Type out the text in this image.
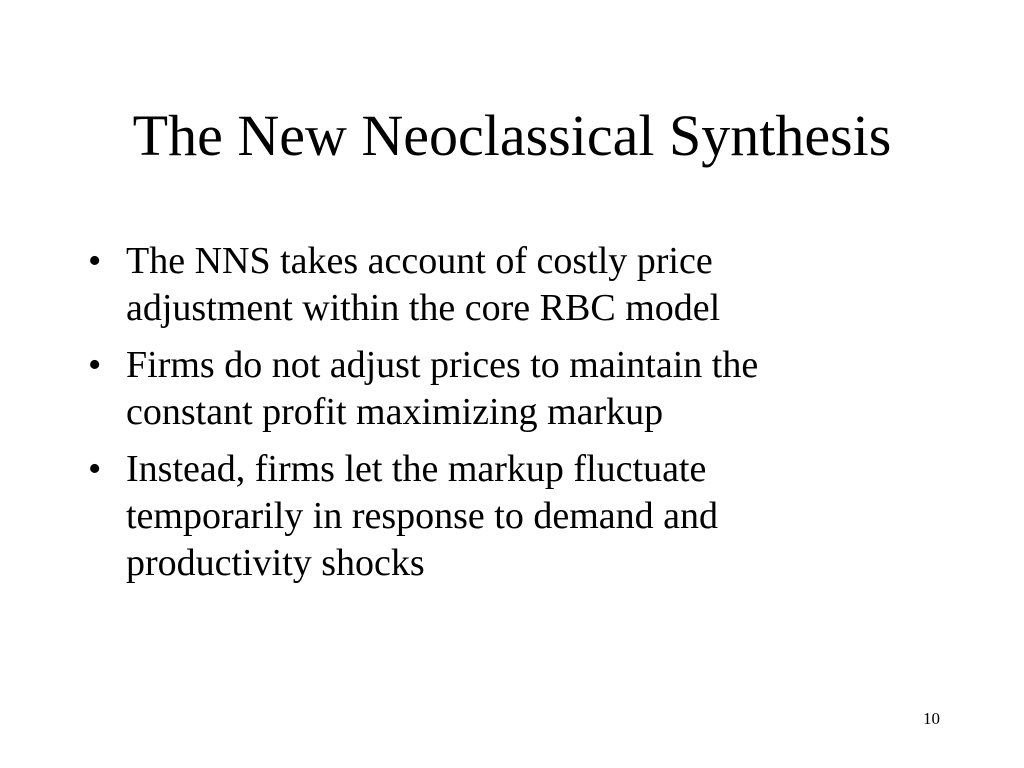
The New Neoclassical Synthesis
• The NNS takes account of costly price
adjustment within the core RBC model
• Firms do not adjust prices to maintain the
constant profit maximizing markup
• Instead, firms let the markup fluctuate
temporarily in response to demand and
productivity shocks
10
